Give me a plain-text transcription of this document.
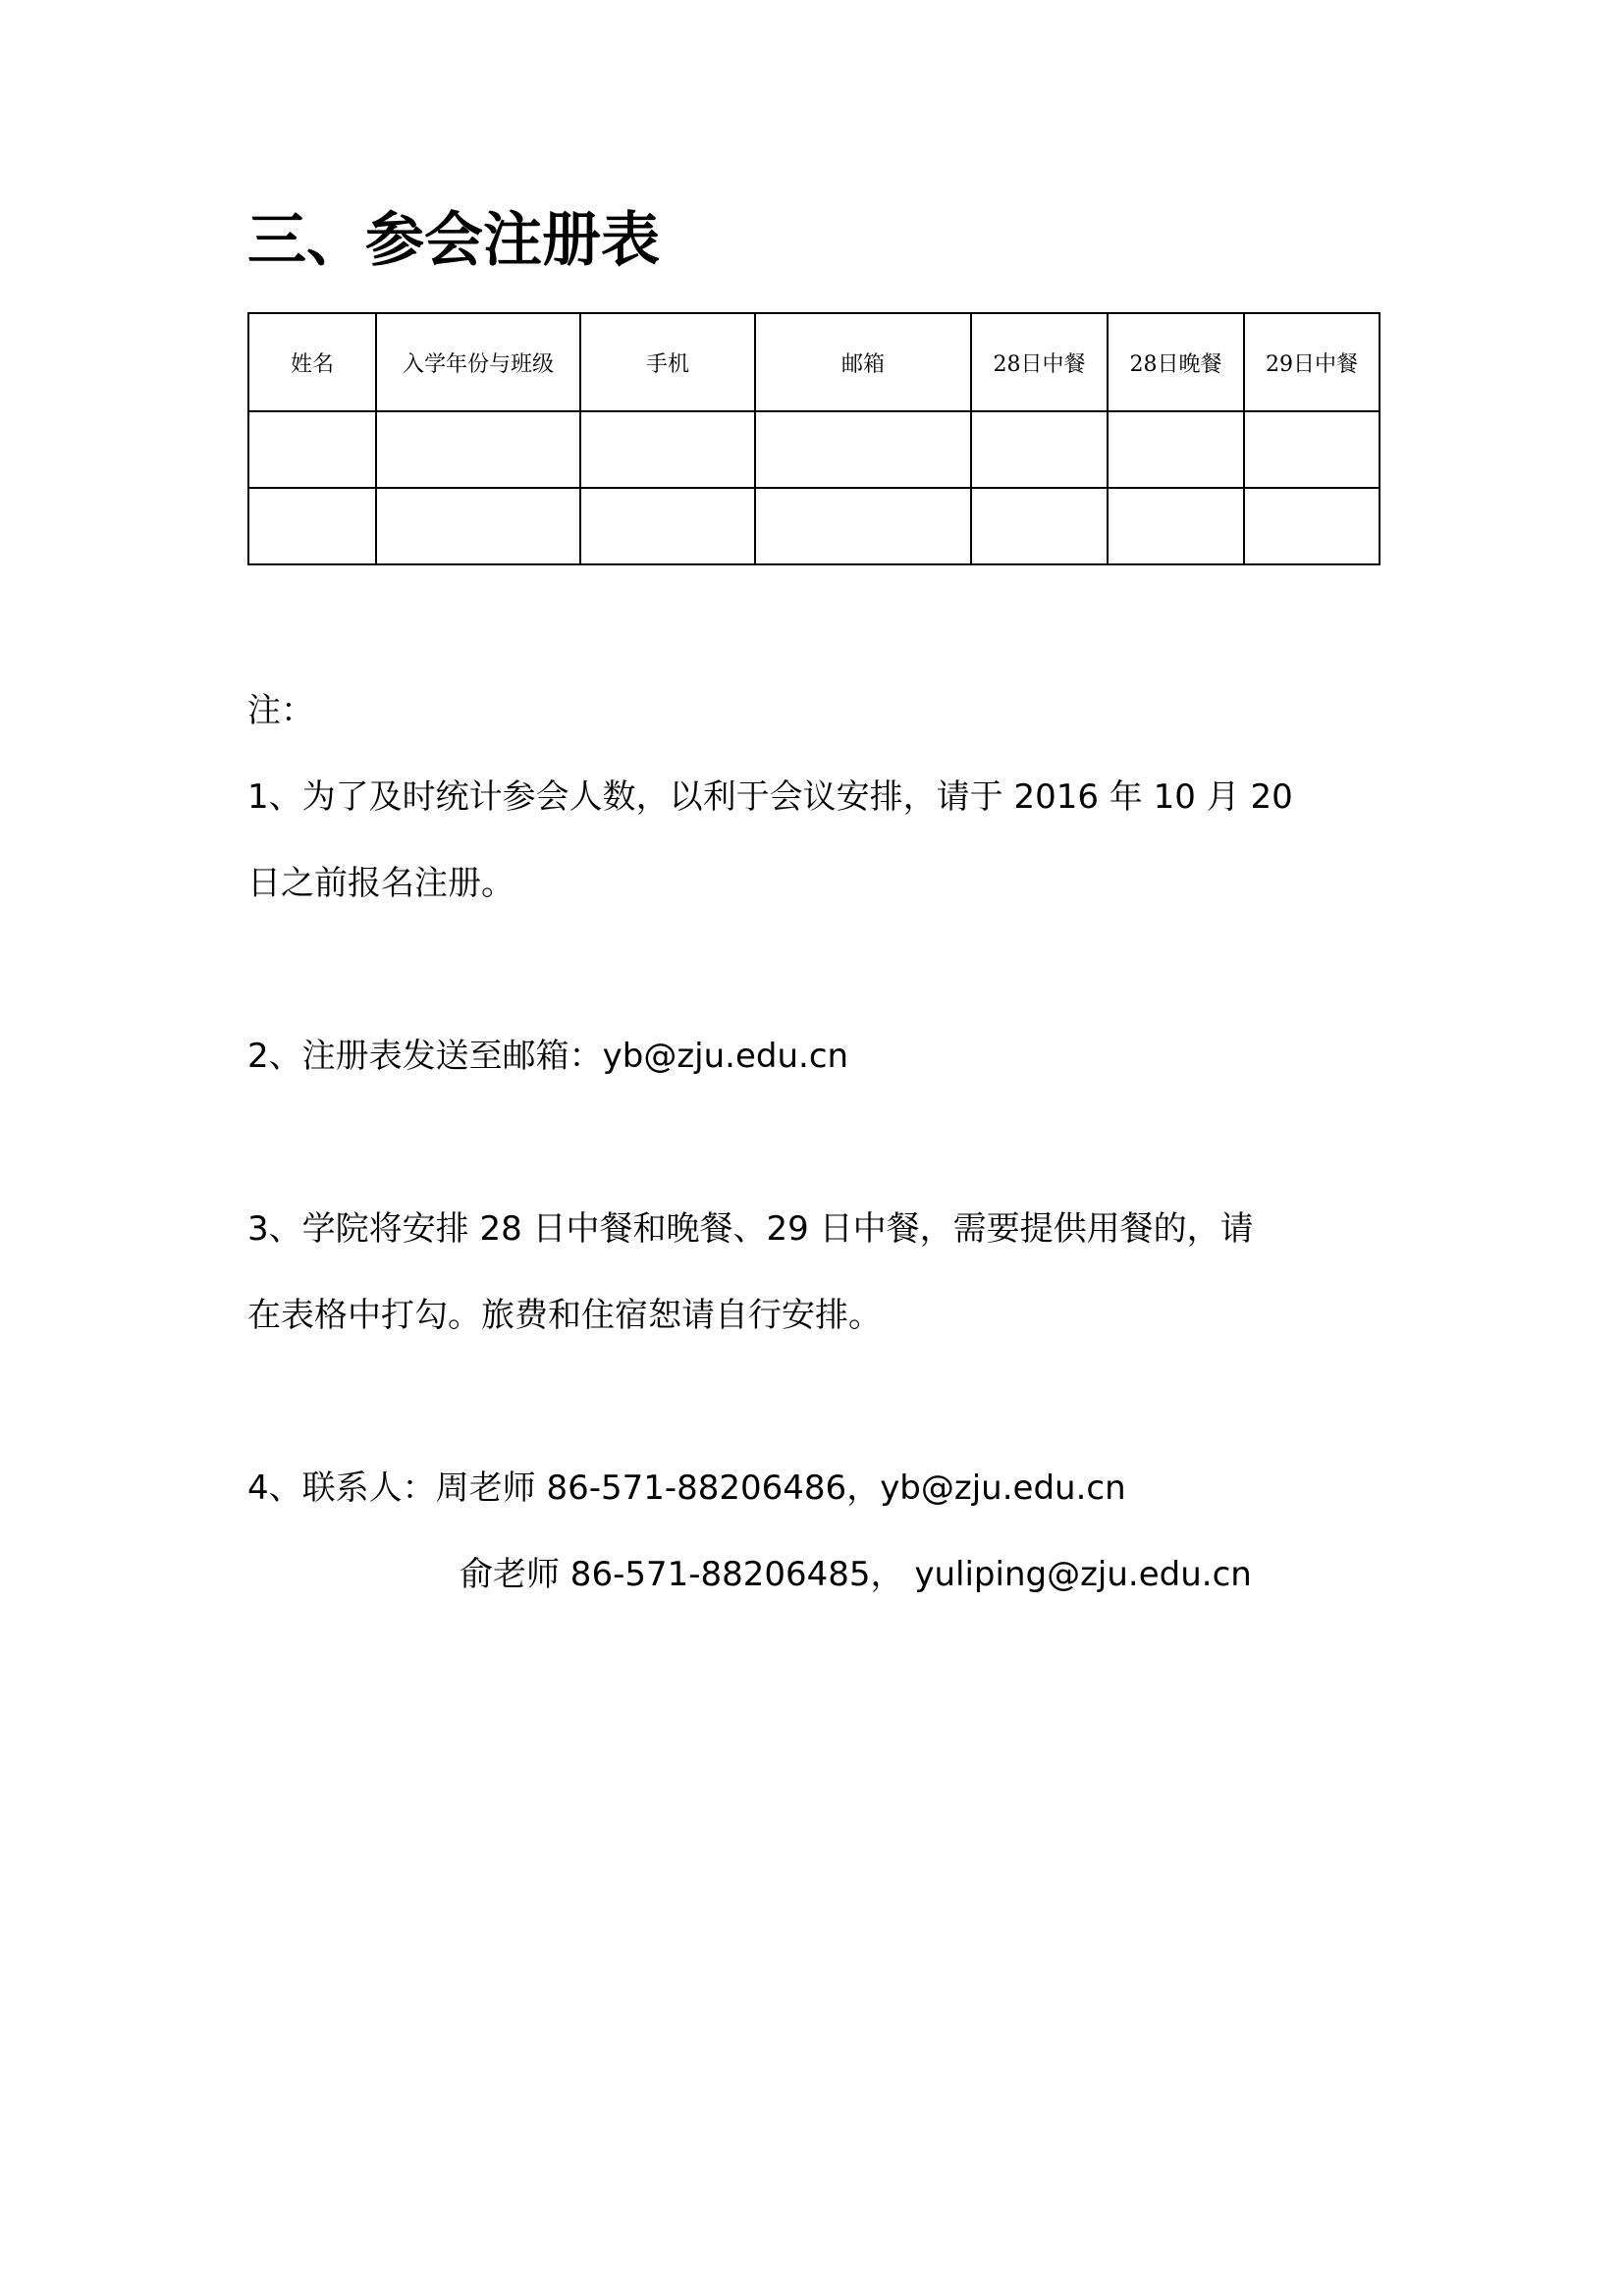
三、参会注册表
姓名	入学年份与班级	手机	邮箱	28日中餐	28日晚餐	29日中餐

注：

1、为了及时统计参会人数，以利于会议安排，请于 2016 年 10 月 20

日之前报名注册。

2、注册表发送至邮箱：yb@zju.edu.cn

3、学院将安排 28 日中餐和晚餐、29 日中餐，需要提供用餐的，请

在表格中打勾。旅费和住宿恕请自行安排。

4、联系人：周老师 86-571-88206486，yb@zju.edu.cn

俞老师 86-571-88206485， yuliping@zju.edu.cn
